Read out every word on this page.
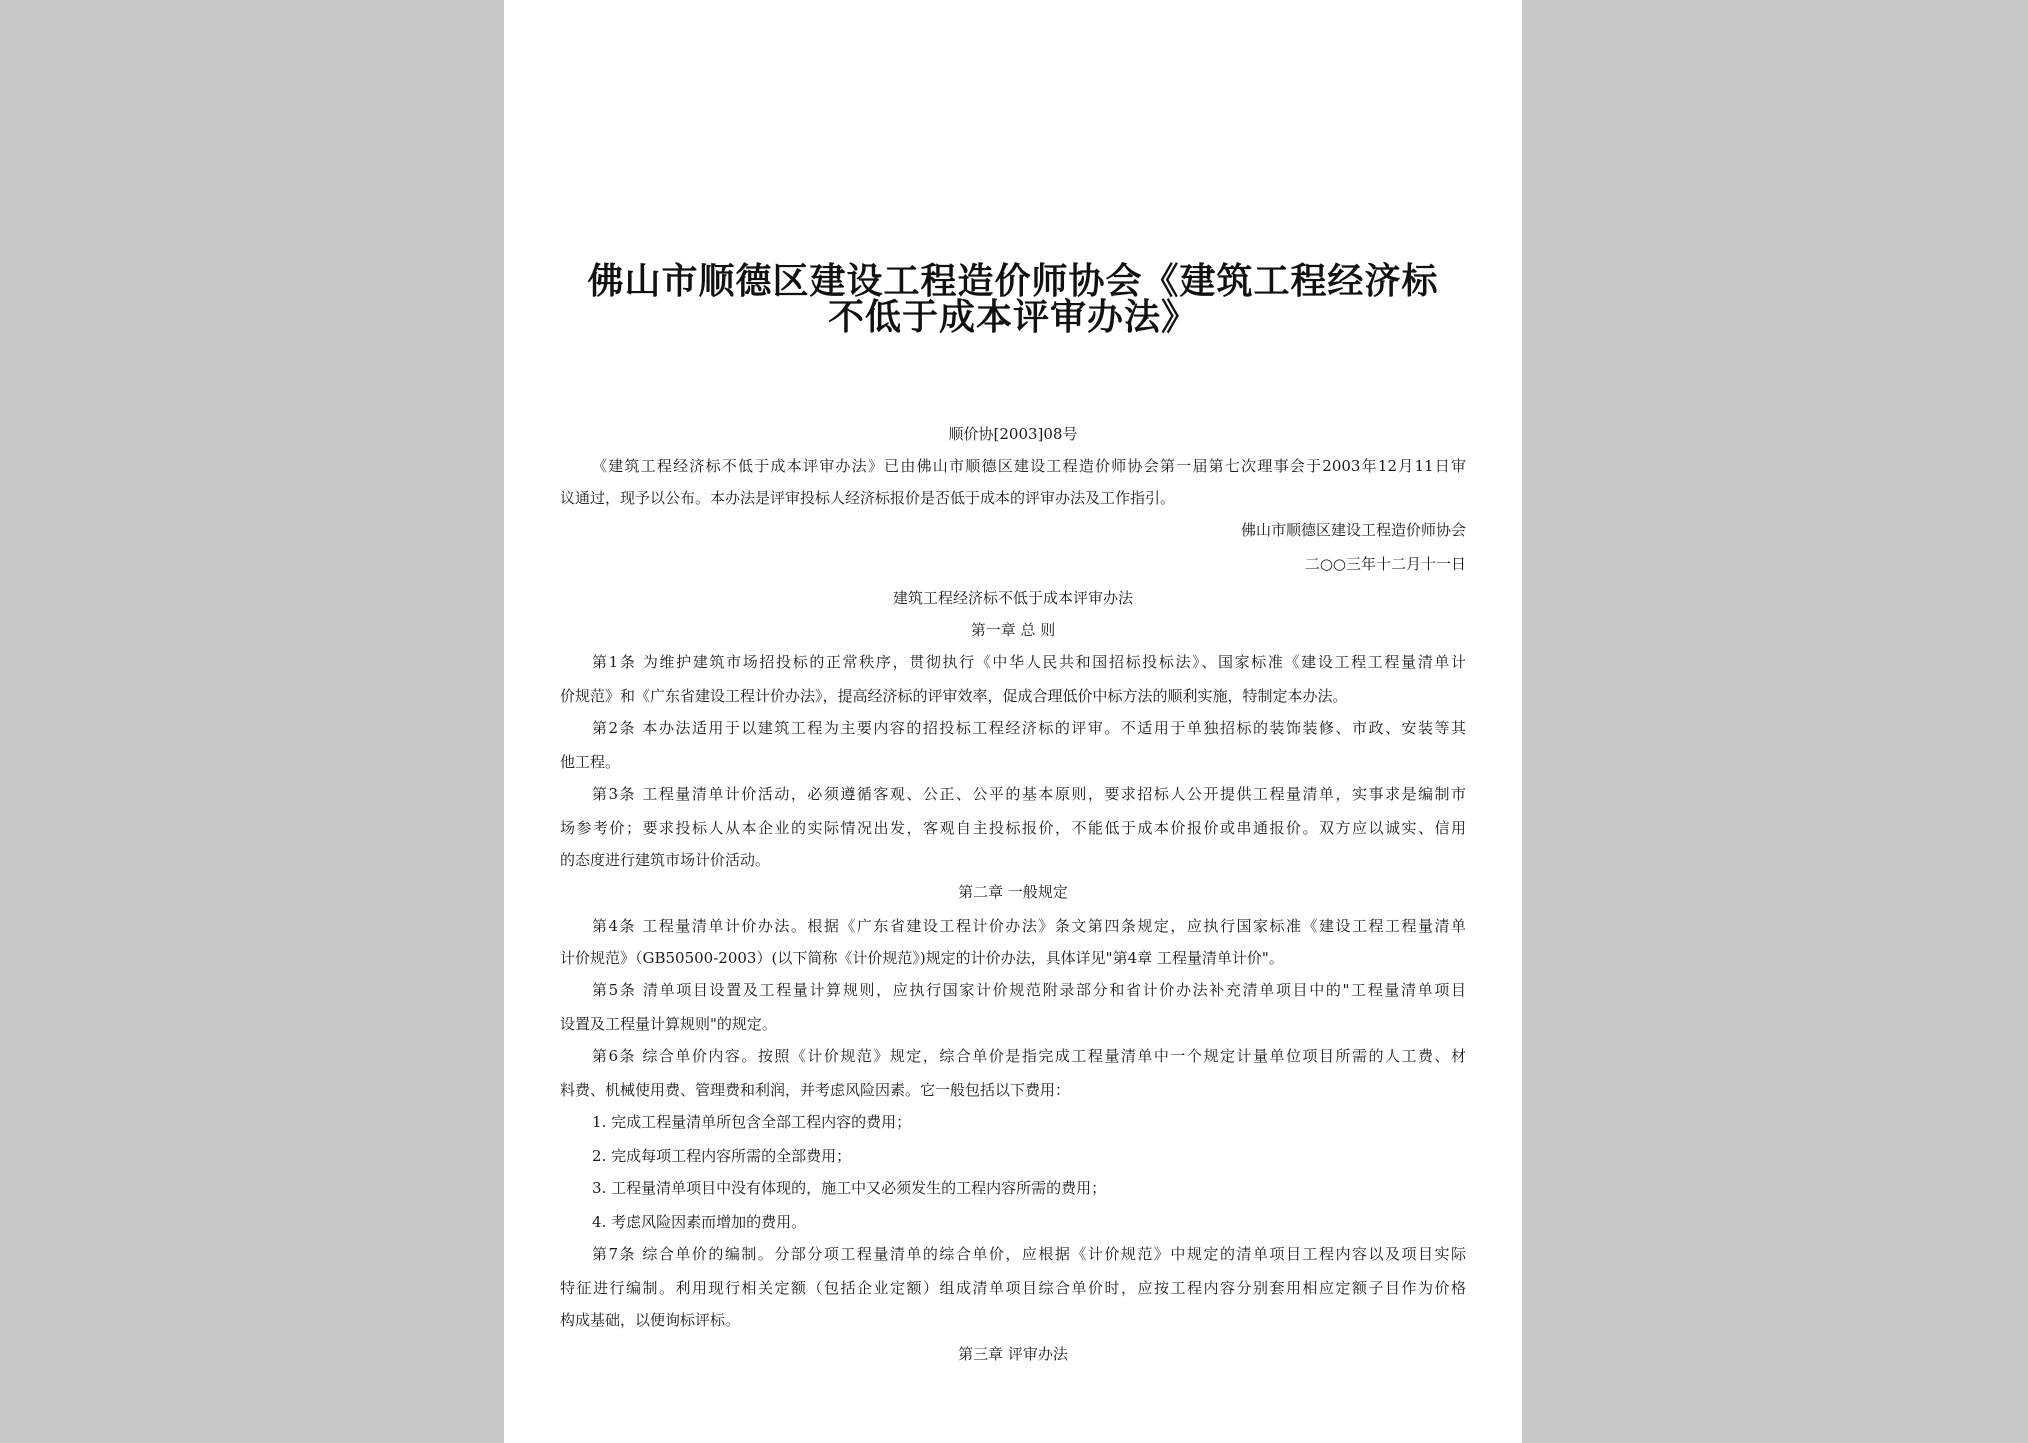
佛山市顺德区建设工程造价师协会《建筑工程经济标
不低于成本评审办法》
顺价协[2003]08号
《建筑工程经济标不低于成本评审办法》已由佛山市顺德区建设工程造价师协会第一届第七次理事会于2003年12月11日审
议通过，现予以公布。本办法是评审投标人经济标报价是否低于成本的评审办法及工作指引。
佛山市顺德区建设工程造价师协会
二○○三年十二月十一日
建筑工程经济标不低于成本评审办法
第一章 总 则
第1条 为维护建筑市场招投标的正常秩序，贯彻执行《中华人民共和国招标投标法》、国家标准《建设工程工程量清单计
价规范》和《广东省建设工程计价办法》，提高经济标的评审效率，促成合理低价中标方法的顺利实施，特制定本办法。
第2条 本办法适用于以建筑工程为主要内容的招投标工程经济标的评审。不适用于单独招标的装饰装修、市政、安装等其
他工程。
第3条 工程量清单计价活动，必须遵循客观、公正、公平的基本原则，要求招标人公开提供工程量清单，实事求是编制市
场参考价；要求投标人从本企业的实际情况出发，客观自主投标报价，不能低于成本价报价或串通报价。双方应以诚实、信用
的态度进行建筑市场计价活动。
第二章 一般规定
第4条 工程量清单计价办法。根据《广东省建设工程计价办法》条文第四条规定，应执行国家标准《建设工程工程量清单
计价规范》（GB50500-2003）(以下简称《计价规范》)规定的计价办法，具体详见"第4章 工程量清单计价"。
第5条 清单项目设置及工程量计算规则，应执行国家计价规范附录部分和省计价办法补充清单项目中的"工程量清单项目
设置及工程量计算规则"的规定。
第6条 综合单价内容。按照《计价规范》规定，综合单价是指完成工程量清单中一个规定计量单位项目所需的人工费、材
料费、机械使用费、管理费和利润，并考虑风险因素。它一般包括以下费用：
1. 完成工程量清单所包含全部工程内容的费用；
2. 完成每项工程内容所需的全部费用；
3. 工程量清单项目中没有体现的，施工中又必须发生的工程内容所需的费用；
4. 考虑风险因素而增加的费用。
第7条 综合单价的编制。分部分项工程量清单的综合单价，应根据《计价规范》中规定的清单项目工程内容以及项目实际
特征进行编制。利用现行相关定额（包括企业定额）组成清单项目综合单价时，应按工程内容分别套用相应定额子目作为价格
构成基础，以便询标评标。
第三章 评审办法
